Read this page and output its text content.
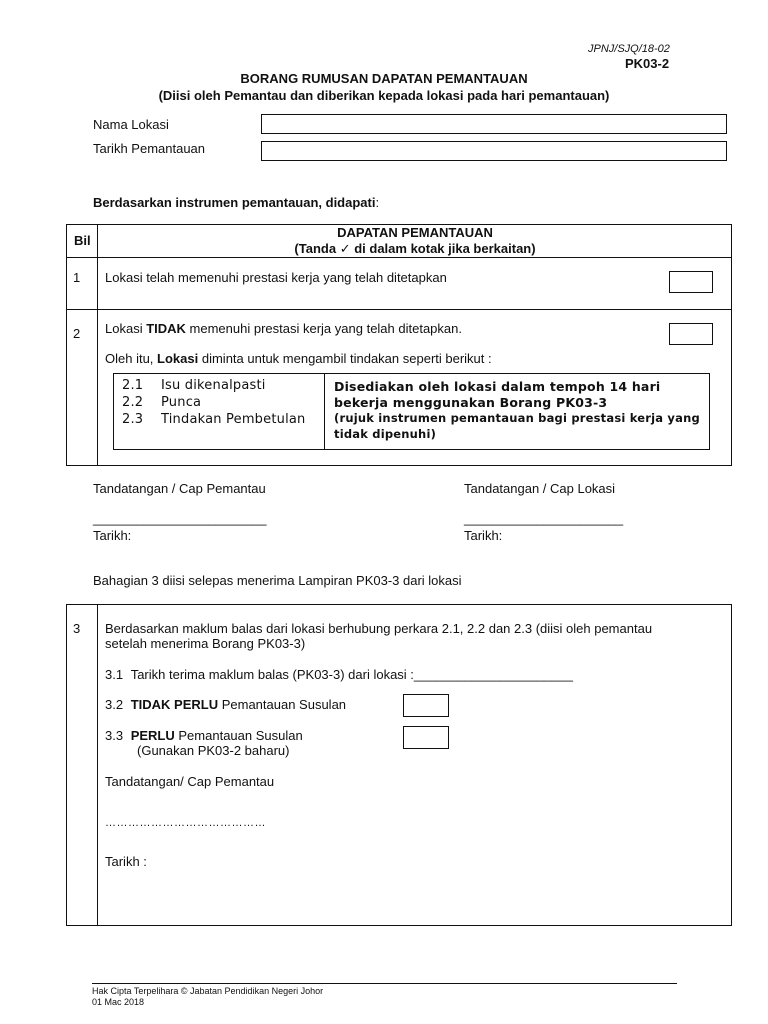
JPNJ/SJQ/18-02
PK03-2
BORANG RUMUSAN DAPATAN PEMANTAUAN
(Diisi oleh Pemantau dan diberikan kepada lokasi pada hari pemantauan)
Nama Lokasi
Tarikh Pemantauan
Berdasarkan instrumen pemantauan, didapati:
Bil
DAPATAN PEMANTAUAN
(Tanda ✓ di dalam kotak jika berkaitan)
1 Lokasi telah memenuhi prestasi kerja yang telah ditetapkan
2 Lokasi TIDAK memenuhi prestasi kerja yang telah ditetapkan.
Oleh itu, Lokasi diminta untuk mengambil tindakan seperti berikut :
2.1 Isu dikenalpasti
2.2 Punca
2.3 Tindakan Pembetulan
Disediakan oleh lokasi dalam tempoh 14 hari
bekerja menggunakan Borang PK03-3
(rujuk instrumen pemantauan bagi prestasi kerja yang
tidak dipenuhi)
Tandatangan / Cap Pemantau
________________________
Tarikh:
Tandatangan / Cap Lokasi
______________________
Tarikh:
Bahagian 3 diisi selepas menerima Lampiran PK03-3 dari lokasi
3 Berdasarkan maklum balas dari lokasi berhubung perkara 2.1, 2.2 dan 2.3 (diisi oleh pemantau
setelah menerima Borang PK03-3)
3.1 Tarikh terima maklum balas (PK03-3) dari lokasi :______________________
3.2 TIDAK PERLU Pemantauan Susulan
3.3 PERLU Pemantauan Susulan
(Gunakan PK03-2 baharu)
Tandatangan/ Cap Pemantau
……………………………………
Tarikh :
Hak Cipta Terpelihara © Jabatan Pendidikan Negeri Johor
01 Mac 2018
